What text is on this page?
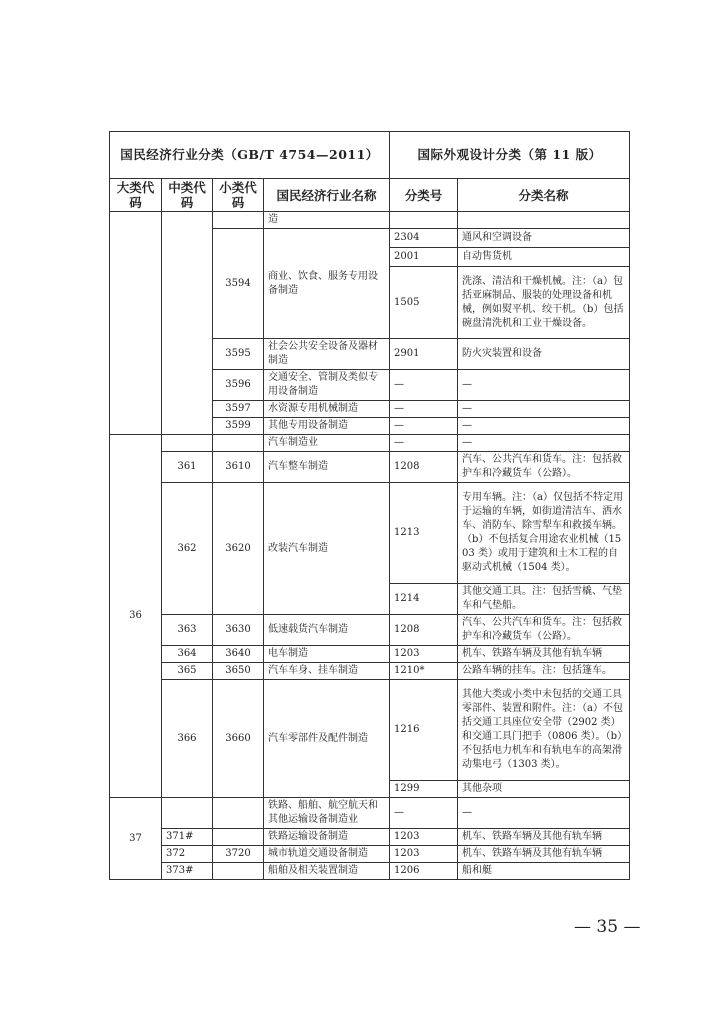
国民经济行业分类（GB/T 4754—2011）				国际外观设计分类（第 11 版）	
大类代码	中类代码	小类代码	国民经济行业名称	分类号	分类名称
			造		
		3594	商业、饮食、服务专用设备制造	2304	通风和空调设备
				2001	自动售货机
				1505	洗涤、清洁和干燥机械。注：（a）包括亚麻制品、服装的处理设备和机械，例如熨平机、绞干机。（b）包括碗盘清洗机和工业干燥设备。
		3595	社会公共安全设备及器材制造	2901	防火灾装置和设备
		3596	交通安全、管制及类似专用设备制造	—	—
		3597	水资源专用机械制造	—	—
		3599	其他专用设备制造	—	—
36			汽车制造业	—	—
	361	3610	汽车整车制造	1208	汽车、公共汽车和货车。注：包括救护车和冷藏货车（公路）。
	362	3620	改装汽车制造	1213	专用车辆。注：（a）仅包括不特定用于运输的车辆，如街道清洁车、洒水车、消防车、除雪犁车和救援车辆。（b）不包括复合用途农业机械（1503 类）或用于建筑和土木工程的自驱动式机械（1504 类）。
				1214	其他交通工具。注：包括雪橇、气垫车和气垫船。
	363	3630	低速载货汽车制造	1208	汽车、公共汽车和货车。注：包括救护车和冷藏货车（公路）。
	364	3640	电车制造	1203	机车、铁路车辆及其他有轨车辆
	365	3650	汽车车身、挂车制造	1210*	公路车辆的挂车。注：包括篷车。
	366	3660	汽车零部件及配件制造	1216	其他大类或小类中未包括的交通工具零部件、装置和附件。注：（a）不包括交通工具座位安全带（2902 类）和交通工具门把手（0806 类）。（b）不包括电力机车和有轨电车的高架滑动集电弓（1303 类）。
				1299	其他杂项
37			铁路、船舶、航空航天和其他运输设备制造业	—	—
	371#		铁路运输设备制造	1203	机车、铁路车辆及其他有轨车辆
	372	3720	城市轨道交通设备制造	1203	机车、铁路车辆及其他有轨车辆
	373#		船舶及相关装置制造	1206	船和艇
— 35 —
